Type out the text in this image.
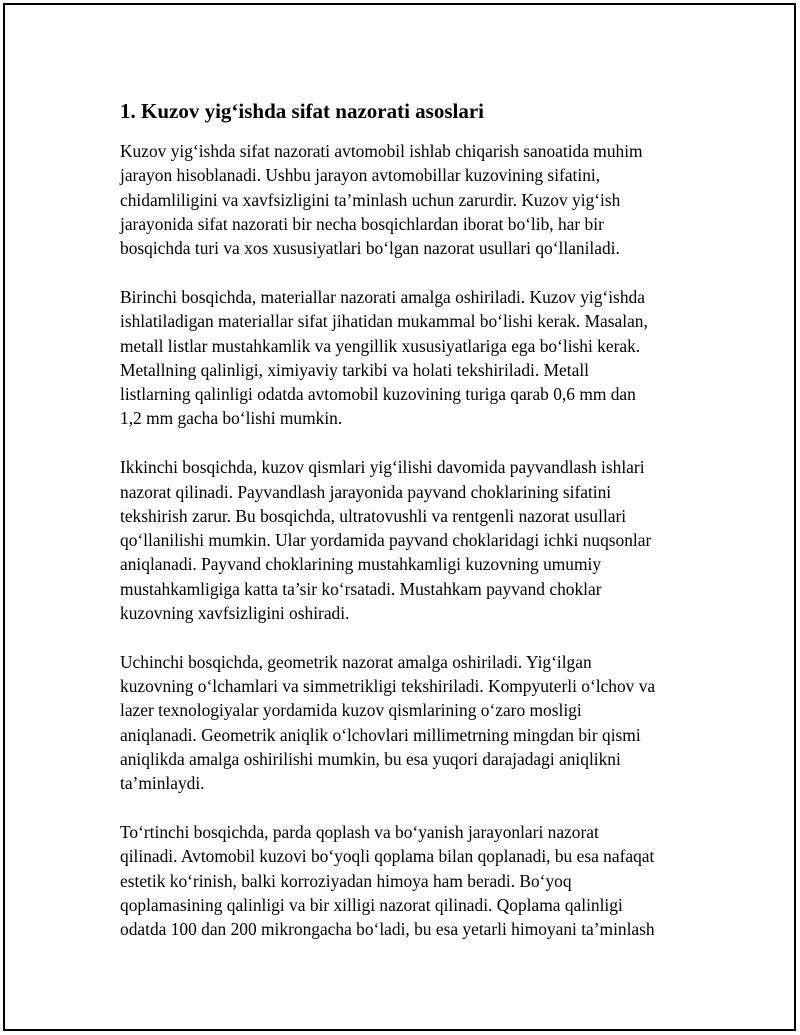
1. Kuzov yig‘ishda sifat nazorati asoslari

Kuzov yig‘ishda sifat nazorati avtomobil ishlab chiqarish sanoatida muhim
jarayon hisoblanadi. Ushbu jarayon avtomobillar kuzovining sifatini,
chidamliligini va xavfsizligini ta’minlash uchun zarurdir. Kuzov yig‘ish
jarayonida sifat nazorati bir necha bosqichlardan iborat bo‘lib, har bir
bosqichda turi va xos xususiyatlari bo‘lgan nazorat usullari qo‘llaniladi.

Birinchi bosqichda, materiallar nazorati amalga oshiriladi. Kuzov yig‘ishda
ishlatiladigan materiallar sifat jihatidan mukammal bo‘lishi kerak. Masalan,
metall listlar mustahkamlik va yengillik xususiyatlariga ega bo‘lishi kerak.
Metallning qalinligi, ximiyaviy tarkibi va holati tekshiriladi. Metall
listlarning qalinligi odatda avtomobil kuzovining turiga qarab 0,6 mm dan
1,2 mm gacha bo‘lishi mumkin.

Ikkinchi bosqichda, kuzov qismlari yig‘ilishi davomida payvandlash ishlari
nazorat qilinadi. Payvandlash jarayonida payvand choklarining sifatini
tekshirish zarur. Bu bosqichda, ultratovushli va rentgenli nazorat usullari
qo‘llanilishi mumkin. Ular yordamida payvand choklaridagi ichki nuqsonlar
aniqlanadi. Payvand choklarining mustahkamligi kuzovning umumiy
mustahkamligiga katta ta’sir ko‘rsatadi. Mustahkam payvand choklar
kuzovning xavfsizligini oshiradi.

Uchinchi bosqichda, geometrik nazorat amalga oshiriladi. Yig‘ilgan
kuzovning o‘lchamlari va simmetrikligi tekshiriladi. Kompyuterli o‘lchov va
lazer texnologiyalar yordamida kuzov qismlarining o‘zaro mosligi
aniqlanadi. Geometrik aniqlik o‘lchovlari millimetrning mingdan bir qismi
aniqlikda amalga oshirilishi mumkin, bu esa yuqori darajadagi aniqlikni
ta’minlaydi.

To‘rtinchi bosqichda, parda qoplash va bo‘yanish jarayonlari nazorat
qilinadi. Avtomobil kuzovi bo‘yoqli qoplama bilan qoplanadi, bu esa nafaqat
estetik ko‘rinish, balki korroziyadan himoya ham beradi. Bo‘yoq
qoplamasining qalinligi va bir xilligi nazorat qilinadi. Qoplama qalinligi
odatda 100 dan 200 mikrongacha bo‘ladi, bu esa yetarli himoyani ta’minlash
